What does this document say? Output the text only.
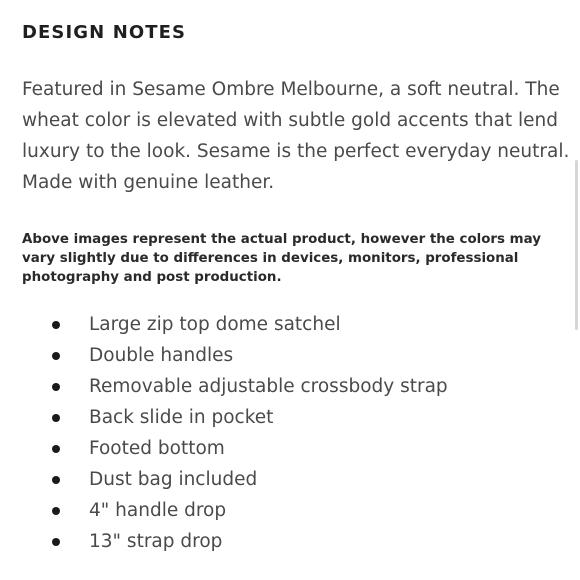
DESIGN NOTES

Featured in Sesame Ombre Melbourne, a soft neutral. The wheat color is elevated with subtle gold accents that lend luxury to the look. Sesame is the perfect everyday neutral. Made with genuine leather.

Above images represent the actual product, however the colors may vary slightly due to differences in devices, monitors, professional photography and post production.

Large zip top dome satchel
Double handles
Removable adjustable crossbody strap
Back slide in pocket
Footed bottom
Dust bag included
4" handle drop
13" strap drop
